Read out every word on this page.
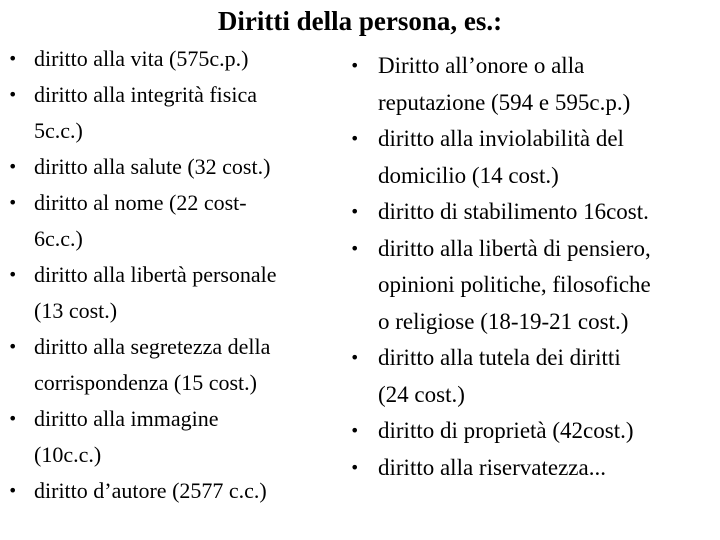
Diritti della persona, es.:
• diritto alla vita (575c.p.)
• diritto alla integrità fisica
5c.c.)
• diritto alla salute (32 cost.)
• diritto al nome (22 cost-
6c.c.)
• diritto alla libertà personale
(13 cost.)
• diritto alla segretezza della
corrispondenza (15 cost.)
• diritto alla immagine
(10c.c.)
• diritto d’autore (2577 c.c.)
• Diritto all’onore o alla
reputazione (594 e 595c.p.)
• diritto alla inviolabilità del
domicilio (14 cost.)
• diritto di stabilimento 16cost.
• diritto alla libertà di pensiero,
opinioni politiche, filosofiche
o religiose (18-19-21 cost.)
• diritto alla tutela dei diritti
(24 cost.)
• diritto di proprietà (42cost.)
• diritto alla riservatezza...
